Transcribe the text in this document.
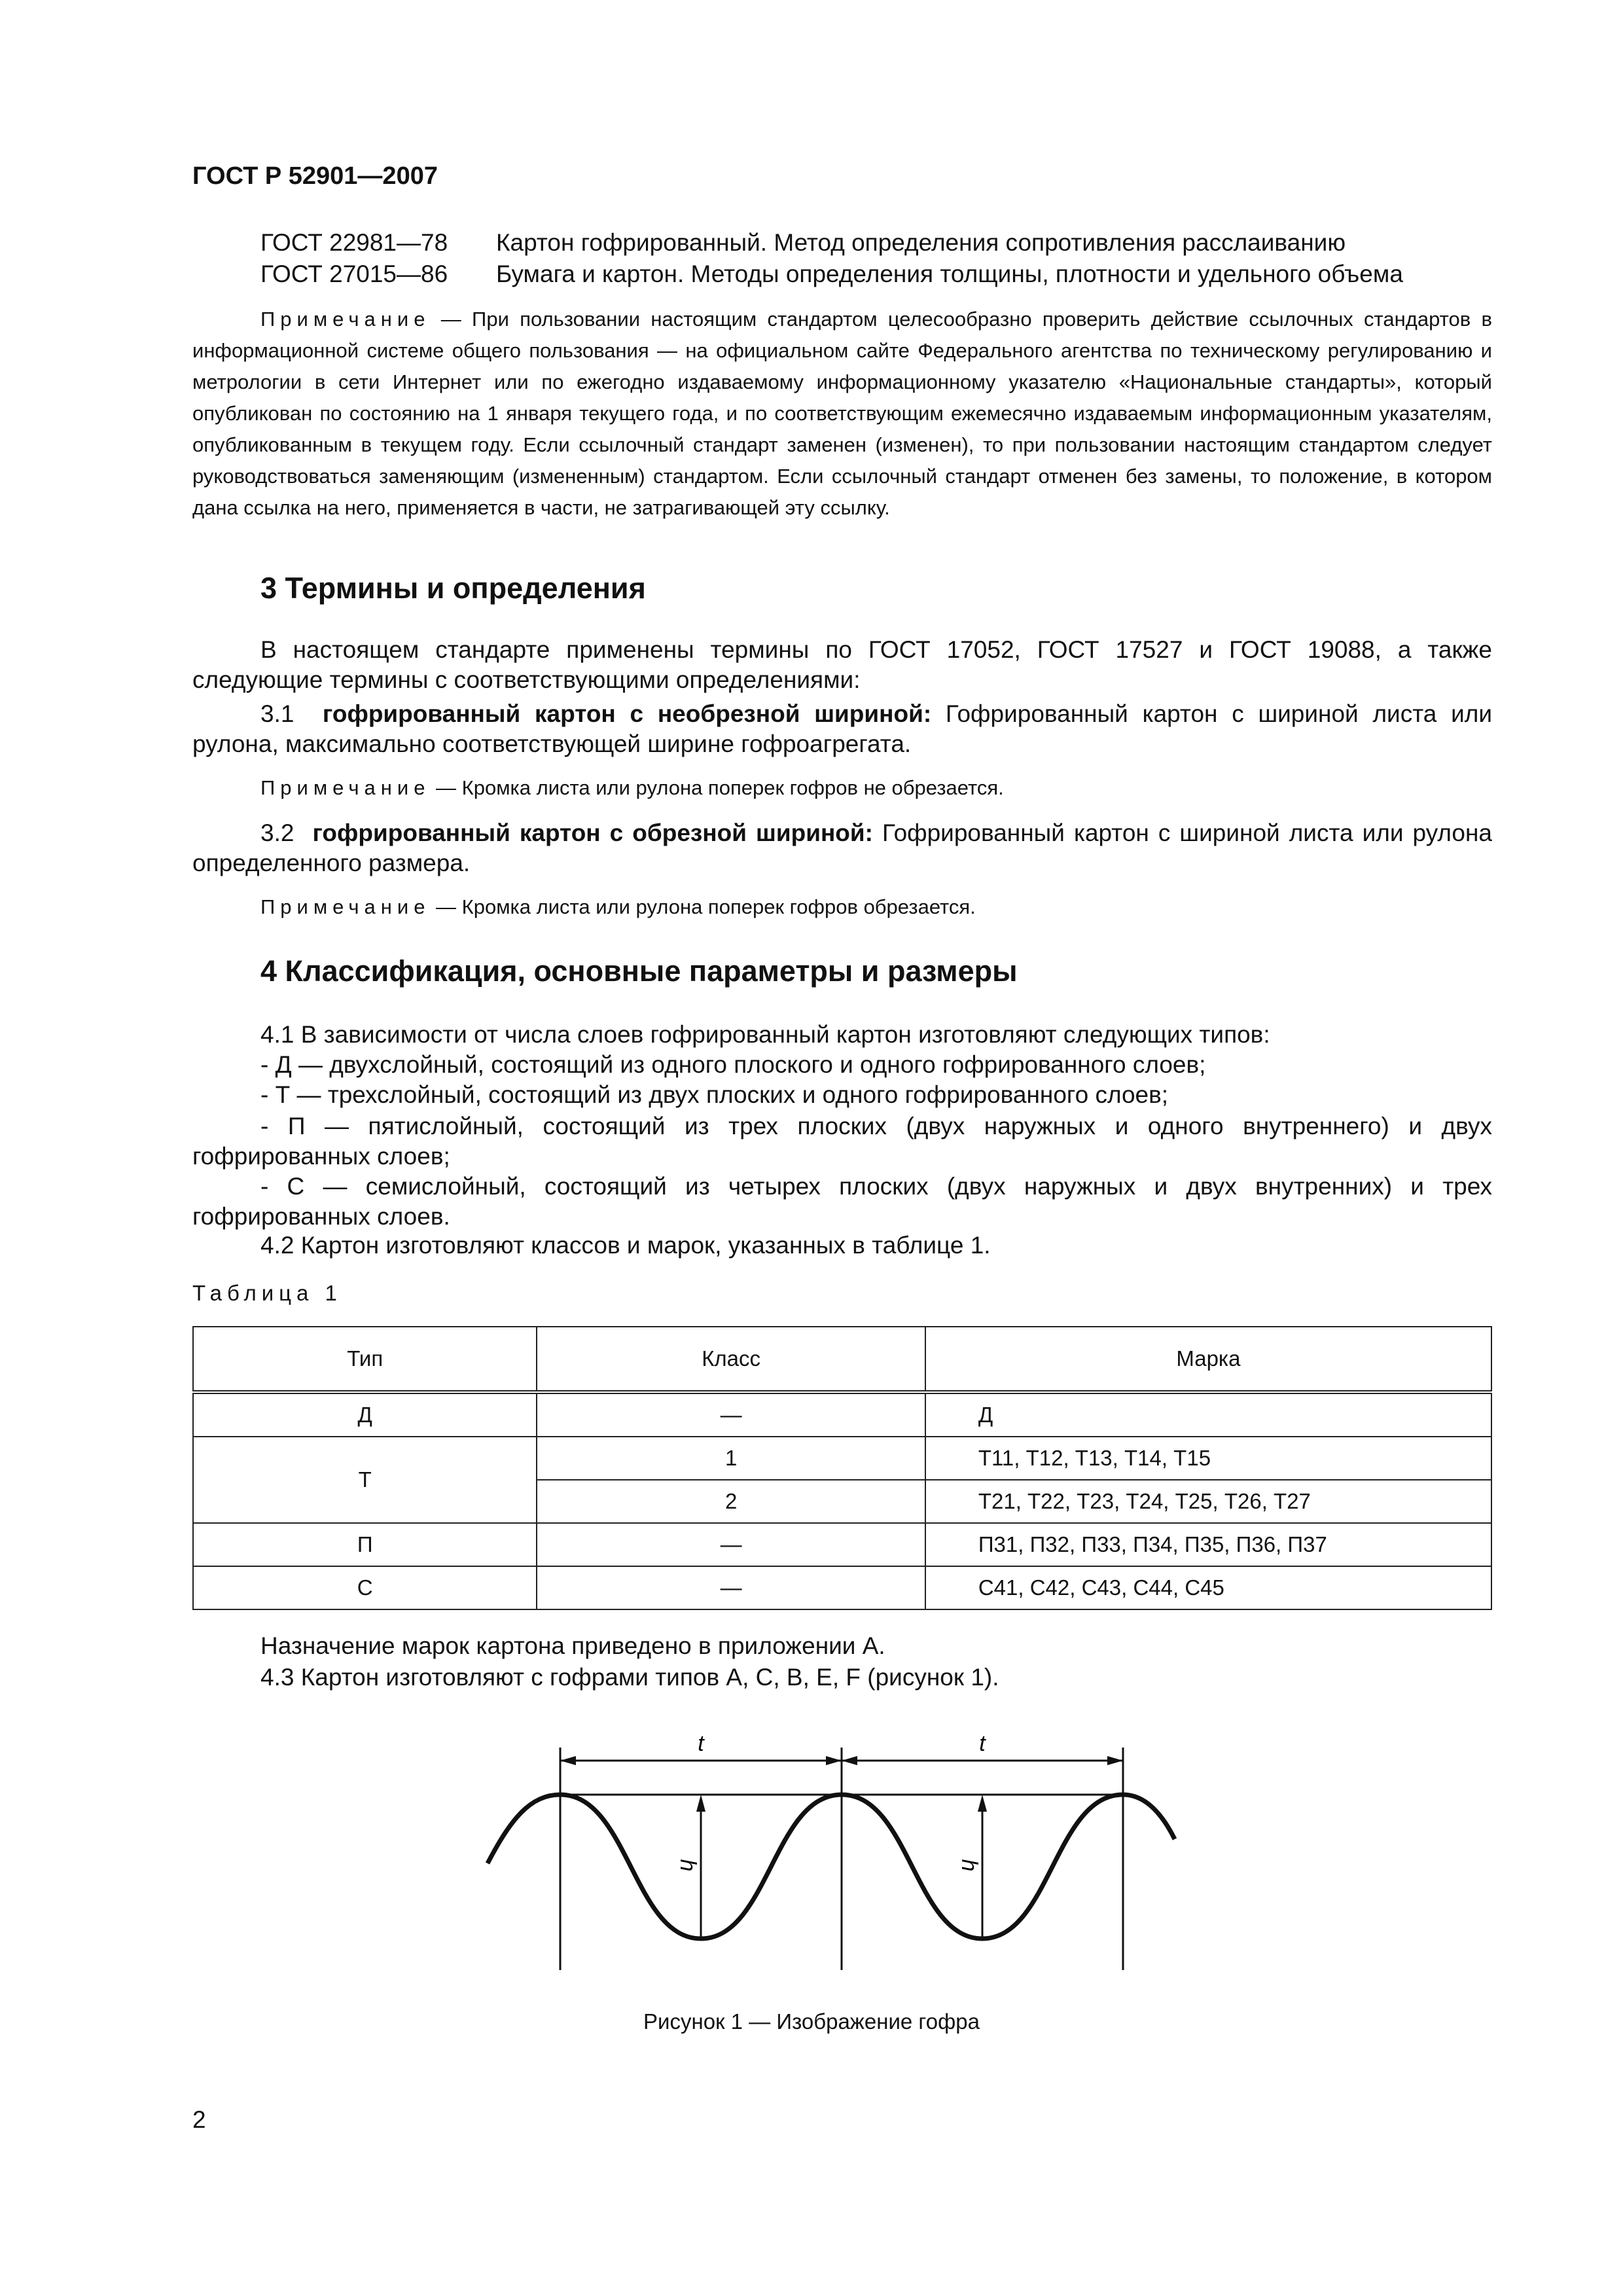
ГОСТ Р 52901—2007
ГОСТ 22981—78 Картон гофрированный. Метод определения сопротивления расслаиванию
ГОСТ 27015—86 Бумага и картон. Методы определения толщины, плотности и удельного объема
Примечание — При пользовании настоящим стандартом целесообразно проверить действие ссылочных стандартов в информационной системе общего пользования — на официальном сайте Федерального агентства по техническому регулированию и метрологии в сети Интернет или по ежегодно издаваемому информационному указателю «Национальные стандарты», который опубликован по состоянию на 1 января текущего года, и по соответствующим ежемесячно издаваемым информационным указателям, опубликованным в текущем году. Если ссылочный стандарт заменен (изменен), то при пользовании настоящим стандартом следует руководствоваться заменяющим (измененным) стандартом. Если ссылочный стандарт отменен без замены, то положение, в котором дана ссылка на него, применяется в части, не затрагивающей эту ссылку.
3 Термины и определения
В настоящем стандарте применены термины по ГОСТ 17052, ГОСТ 17527 и ГОСТ 19088, а также следующие термины с соответствующими определениями:
3.1 гофрированный картон с необрезной шириной: Гофрированный картон с шириной листа или рулона, максимально соответствующей ширине гофроагрегата.
Примечание — Кромка листа или рулона поперек гофров не обрезается.
3.2 гофрированный картон с обрезной шириной: Гофрированный картон с шириной листа или рулона определенного размера.
Примечание — Кромка листа или рулона поперек гофров обрезается.
4 Классификация, основные параметры и размеры
4.1 В зависимости от числа слоев гофрированный картон изготовляют следующих типов:
- Д — двухслойный, состоящий из одного плоского и одного гофрированного слоев;
- Т — трехслойный, состоящий из двух плоских и одного гофрированного слоев;
- П — пятислойный, состоящий из трех плоских (двух наружных и одного внутреннего) и двух гофрированных слоев;
- С — семислойный, состоящий из четырех плоских (двух наружных и двух внутренних) и трех гофрированных слоев.
4.2 Картон изготовляют классов и марок, указанных в таблице 1.
Таблица 1
Тип	Класс	Марка
Д	—	Д
Т	1	Т11, Т12, Т13, Т14, Т15
	2	Т21, Т22, Т23, Т24, Т25, Т26, Т27
П	—	П31, П32, П33, П34, П35, П36, П37
С	—	С41, С42, С43, С44, С45
Назначение марок картона приведено в приложении А.
4.3 Картон изготовляют с гофрами типов А, С, В, Е, F (рисунок 1).
t	t
h	h
Рисунок 1 — Изображение гофра
2
